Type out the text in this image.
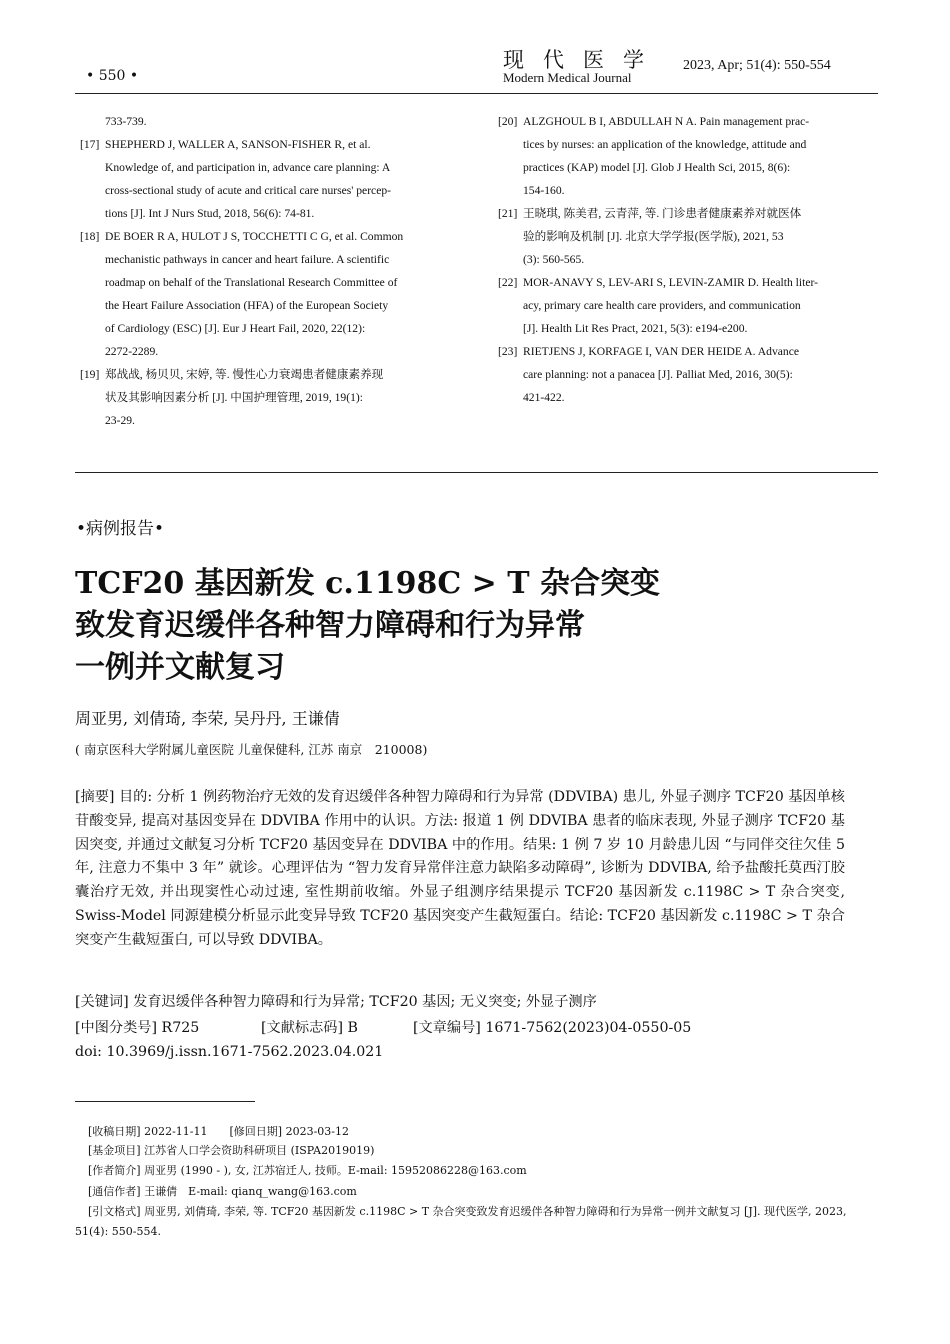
• 550 •
现代医学
Modern Medical Journal
2023, Apr; 51(4): 550-554
733-739.
[17] SHEPHERD J, WALLER A, SANSON-FISHER R, et al.
Knowledge of, and participation in, advance care planning: A
cross-sectional study of acute and critical care nurses' percep-
tions [J]. Int J Nurs Stud, 2018, 56(6): 74-81.
[18] DE BOER R A, HULOT J S, TOCCHETTI C G, et al. Common
mechanistic pathways in cancer and heart failure. A scientific
roadmap on behalf of the Translational Research Committee of
the Heart Failure Association (HFA) of the European Society
of Cardiology (ESC) [J]. Eur J Heart Fail, 2020, 22(12):
2272-2289.
[19] 郑战战, 杨贝贝, 宋婷, 等. 慢性心力衰竭患者健康素养现
状及其影响因素分析 [J]. 中国护理管理, 2019, 19(1):
23-29.
[20] ALZGHOUL B I, ABDULLAH N A. Pain management prac-
tices by nurses: an application of the knowledge, attitude and
practices (KAP) model [J]. Glob J Health Sci, 2015, 8(6):
154-160.
[21] 王晓琪, 陈美君, 云青萍, 等. 门诊患者健康素养对就医体
验的影响及机制 [J]. 北京大学学报(医学版), 2021, 53
(3): 560-565.
[22] MOR-ANAVY S, LEV-ARI S, LEVIN-ZAMIR D. Health liter-
acy, primary care health care providers, and communication
[J]. Health Lit Res Pract, 2021, 5(3): e194-e200.
[23] RIETJENS J, KORFAGE I, VAN DER HEIDE A. Advance
care planning: not a panacea [J]. Palliat Med, 2016, 30(5):
421-422.
•病例报告•
TCF20 基因新发 c.1198C > T 杂合突变
致发育迟缓伴各种智力障碍和行为异常
一例并文献复习
周亚男, 刘倩琦, 李荣, 吴丹丹, 王谦倩
( 南京医科大学附属儿童医院 儿童保健科, 江苏 南京　210008)
[摘要] 目的: 分析 1 例药物治疗无效的发育迟缓伴各种智力障碍和行为异常 (DDVIBA) 患儿, 外显子测序 TCF20 基因单核苷酸变异, 提高对基因变异在 DDVIBA 作用中的认识。方法: 报道 1 例 DDVIBA 患者的临床表现, 外显子测序 TCF20 基因突变, 并通过文献复习分析 TCF20 基因变异在 DDVIBA 中的作用。结果: 1 例 7 岁 10 月龄患儿因 “与同伴交往欠佳 5 年, 注意力不集中 3 年” 就诊。心理评估为 “智力发育异常伴注意力缺陷多动障碍”, 诊断为 DDVIBA, 给予盐酸托莫西汀胶囊治疗无效, 并出现窦性心动过速, 室性期前收缩。外显子组测序结果提示 TCF20 基因新发 c.1198C > T 杂合突变, Swiss-Model 同源建模分析显示此变异导致 TCF20 基因突变产生截短蛋白。结论: TCF20 基因新发 c.1198C > T 杂合突变产生截短蛋白, 可以导致 DDVIBA。
[关键词] 发育迟缓伴各种智力障碍和行为异常; TCF20 基因; 无义突变; 外显子测序
[中图分类号] R725	[文献标志码] B	[文章编号] 1671-7562(2023)04-0550-05
doi: 10.3969/j.issn.1671-7562.2023.04.021
[收稿日期] 2022-11-11　　[修回日期] 2023-03-12
[基金项目] 江苏省人口学会资助科研项目 (ISPA2019019)
[作者简介] 周亚男 (1990 - ), 女, 江苏宿迁人, 技师。E-mail: 15952086228@163.com
[通信作者] 王谦倩　E-mail: qianq_wang@163.com
[引文格式] 周亚男, 刘倩琦, 李荣, 等. TCF20 基因新发 c.1198C > T 杂合突变致发育迟缓伴各种智力障碍和行为异常一例并文献复习 [J]. 现代医学, 2023, 51(4): 550-554.
